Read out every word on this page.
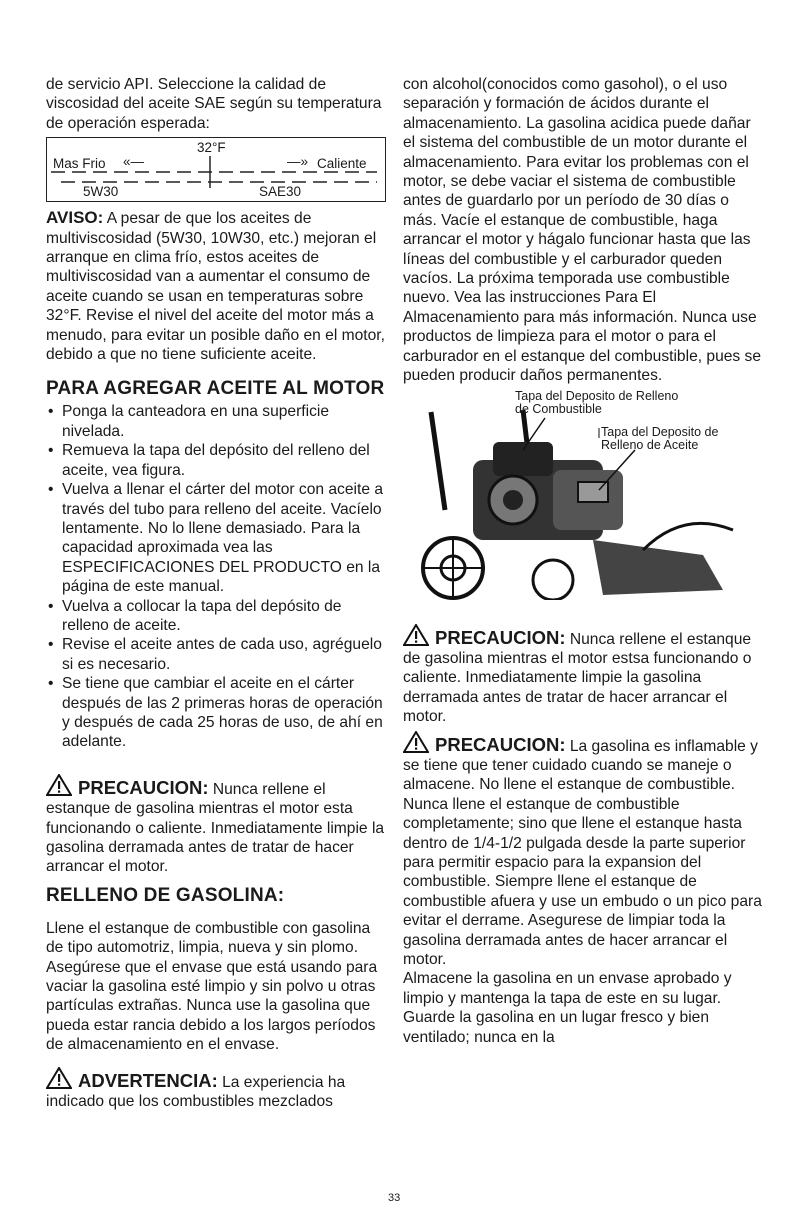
de servicio API. Seleccione la calidad de viscosidad del aceite SAE según su temperatura de operación esperada:

32°F
Mas Frio «—	Caliente
—»
5W30	SAE30

AVISO: A pesar de que los aceites de multiviscosidad (5W30, 10W30, etc.) mejoran el arranque en clima frío, estos aceites de multiviscosidad van a aumentar el consumo de aceite cuando se usan en temperaturas sobre 32°F. Revise el nivel del aceite del motor más a menudo, para evitar un posible daño en el motor, debido a que no tiene suficiente aceite.

PARA AGREGAR ACEITE AL MOTOR
• Ponga la canteadora en una superficie nivelada.
• Remueva la tapa del depósito del relleno del aceite, vea figura.
• Vuelva a llenar el cárter del motor con aceite a través del tubo para relleno del aceite. Vacíelo lentamente. No lo llene demasiado. Para la capacidad aproximada vea las ESPECIFICACIONES DEL PRODUCTO en la página de este manual.
• Vuelva a collocar la tapa del depósito de relleno de aceite.
• Revise el aceite antes de cada uso, agréguelo si es necesario.
• Se tiene que cambiar el aceite en el cárter después de las 2 primeras horas de operación y después de cada 25 horas de uso, de ahí en adelante.

PRECAUCION: Nunca rellene el estanque de gasolina mientras el motor esta funcionando o caliente. Inmediatamente limpie la gasolina derramada antes de tratar de hacer arrancar el motor.

RELLENO DE GASOLINA:

Llene el estanque de combustible con gasolina de tipo automotriz, limpia, nueva y sin plomo. Asegúrese que el envase que está usando para vaciar la gasolina esté limpio y sin polvo u otras partículas extrañas. Nunca use la gasolina que pueda estar rancia debido a los largos períodos de almacenamiento en el envase.

ADVERTENCIA: La experiencia ha indicado que los combustibles mezclados

con alcohol(conocidos como gasohol), o el uso separación y formación de ácidos durante el almacenamiento. La gasolina acidica puede dañar el sistema del combustible de un motor durante el almacenamiento. Para evitar los problemas con el motor, se debe vaciar el sistema de combustible antes de guardarlo por un período de 30 días o más. Vacíe el estanque de combustible, haga arrancar el motor y hágalo funcionar hasta que las líneas del combustible y el carburador queden vacíos. La próxima temporada use combustible nuevo. Vea las instrucciones Para El Almacenamiento para más información. Nunca use productos de limpieza para el motor o para el carburador en el estanque del combustible, pues se pueden producir daños permanentes.

Tapa del Deposito de Relleno de Combustible
Tapa del Deposito de Relleno de Aceite

PRECAUCION: Nunca rellene el estanque de gasolina mientras el motor estsa funcionando o caliente. Inmediatamente limpie la gasolina derramada antes de tratar de hacer arrancar el motor.

PRECAUCION: La gasolina es inflamable y se tiene que tener cuidado cuando se maneje o almacene. No llene el estanque de combustible. Nunca llene el estanque de combustible completamente; sino que llene el estanque hasta dentro de 1/4-1/2 pulgada desde la parte superior para permitir espacio para la expansion del combustible. Siempre llene el estanque de combustible afuera y use un embudo o un pico para evitar el derrame. Asegurese de limpiar toda la gasolina derramada antes de hacer arrancar el motor.

Almacene la gasolina en un envase aprobado y limpio y mantenga la tapa de este en su lugar. Guarde la gasolina en un lugar fresco y bien ventilado; nunca en la

33
